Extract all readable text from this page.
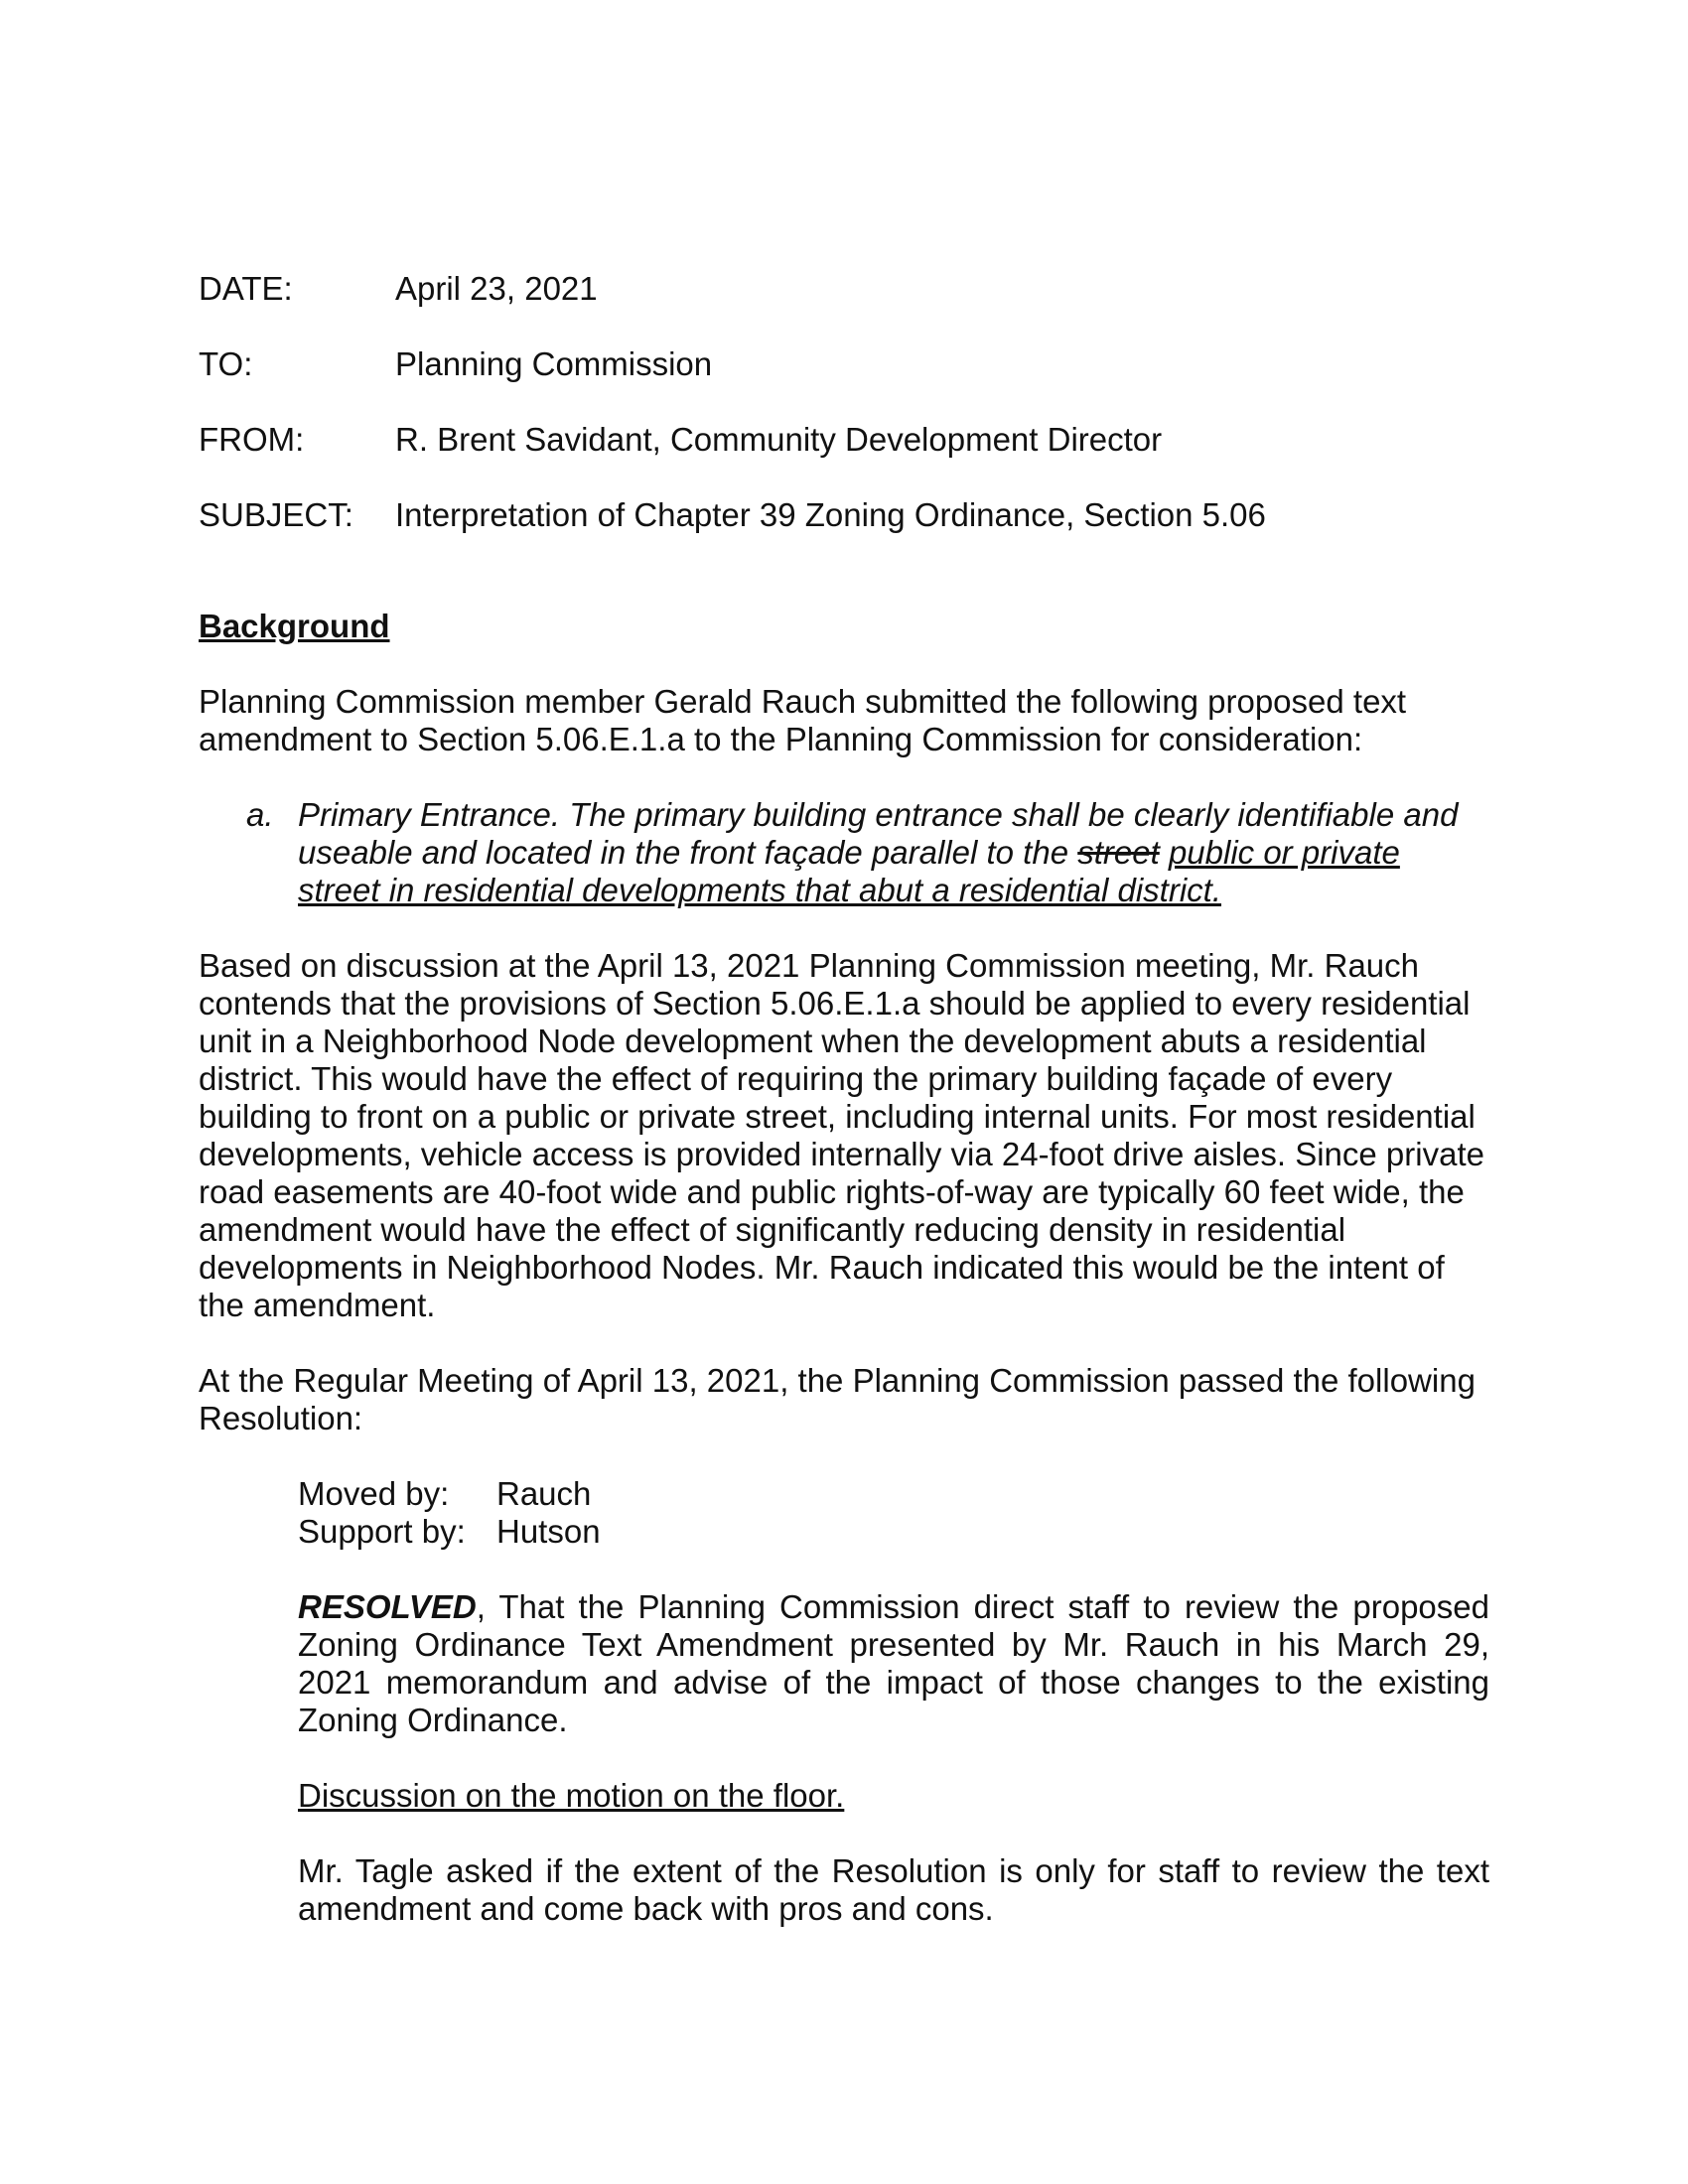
DATE:	April 23, 2021
TO:	Planning Commission
FROM:	R. Brent Savidant, Community Development Director
SUBJECT:	Interpretation of Chapter 39 Zoning Ordinance, Section 5.06
Background

Planning Commission member Gerald Rauch submitted the following proposed text amendment to Section 5.06.E.1.a to the Planning Commission for consideration:

a. Primary Entrance. The primary building entrance shall be clearly identifiable and useable and located in the front façade parallel to the street public or private street in residential developments that abut a residential district.

Based on discussion at the April 13, 2021 Planning Commission meeting, Mr. Rauch contends that the provisions of Section 5.06.E.1.a should be applied to every residential unit in a Neighborhood Node development when the development abuts a residential district. This would have the effect of requiring the primary building façade of every building to front on a public or private street, including internal units. For most residential developments, vehicle access is provided internally via 24-foot drive aisles. Since private road easements are 40-foot wide and public rights-of-way are typically 60 feet wide, the amendment would have the effect of significantly reducing density in residential developments in Neighborhood Nodes. Mr. Rauch indicated this would be the intent of the amendment.

At the Regular Meeting of April 13, 2021, the Planning Commission passed the following Resolution:

Moved by:	Rauch
Support by: Hutson

RESOLVED, That the Planning Commission direct staff to review the proposed Zoning Ordinance Text Amendment presented by Mr. Rauch in his March 29, 2021 memorandum and advise of the impact of those changes to the existing Zoning Ordinance.

Discussion on the motion on the floor.

Mr. Tagle asked if the extent of the Resolution is only for staff to review the text amendment and come back with pros and cons.
